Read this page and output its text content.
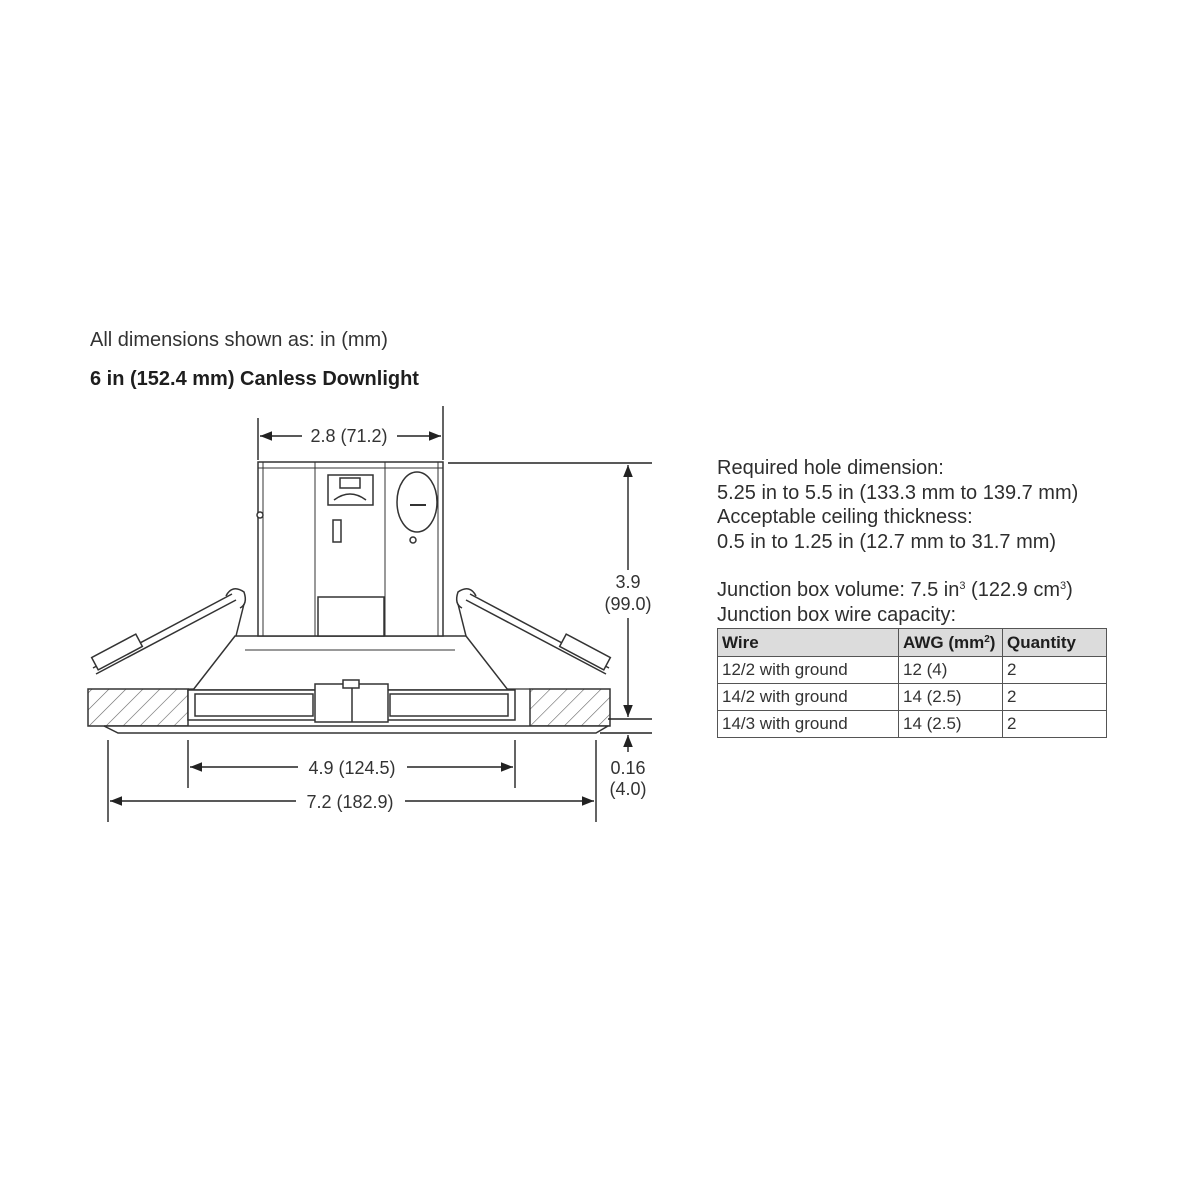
All dimensions shown as: in (mm)
6 in (152.4 mm) Canless Downlight
2.8 (71.2)
3.9
(99.0)
0.16
(4.0)
4.9 (124.5)
7.2 (182.9)

Required hole dimension:

5.25 in to 5.5 in (133.3 mm to 139.7 mm)

Acceptable ceiling thickness:

0.5 in to 1.25 in (12.7 mm to 31.7 mm)

Junction box volume: 7.5 $in^3$ (122.9 $cm^3$)

Junction box wire capacity:

Wire	AWG $(mm^2)$	Quantity
12/2 with ground	12 (4)	2
14/2 with ground	14 (2.5)	2
14/3 with ground	14 (2.5)	2
